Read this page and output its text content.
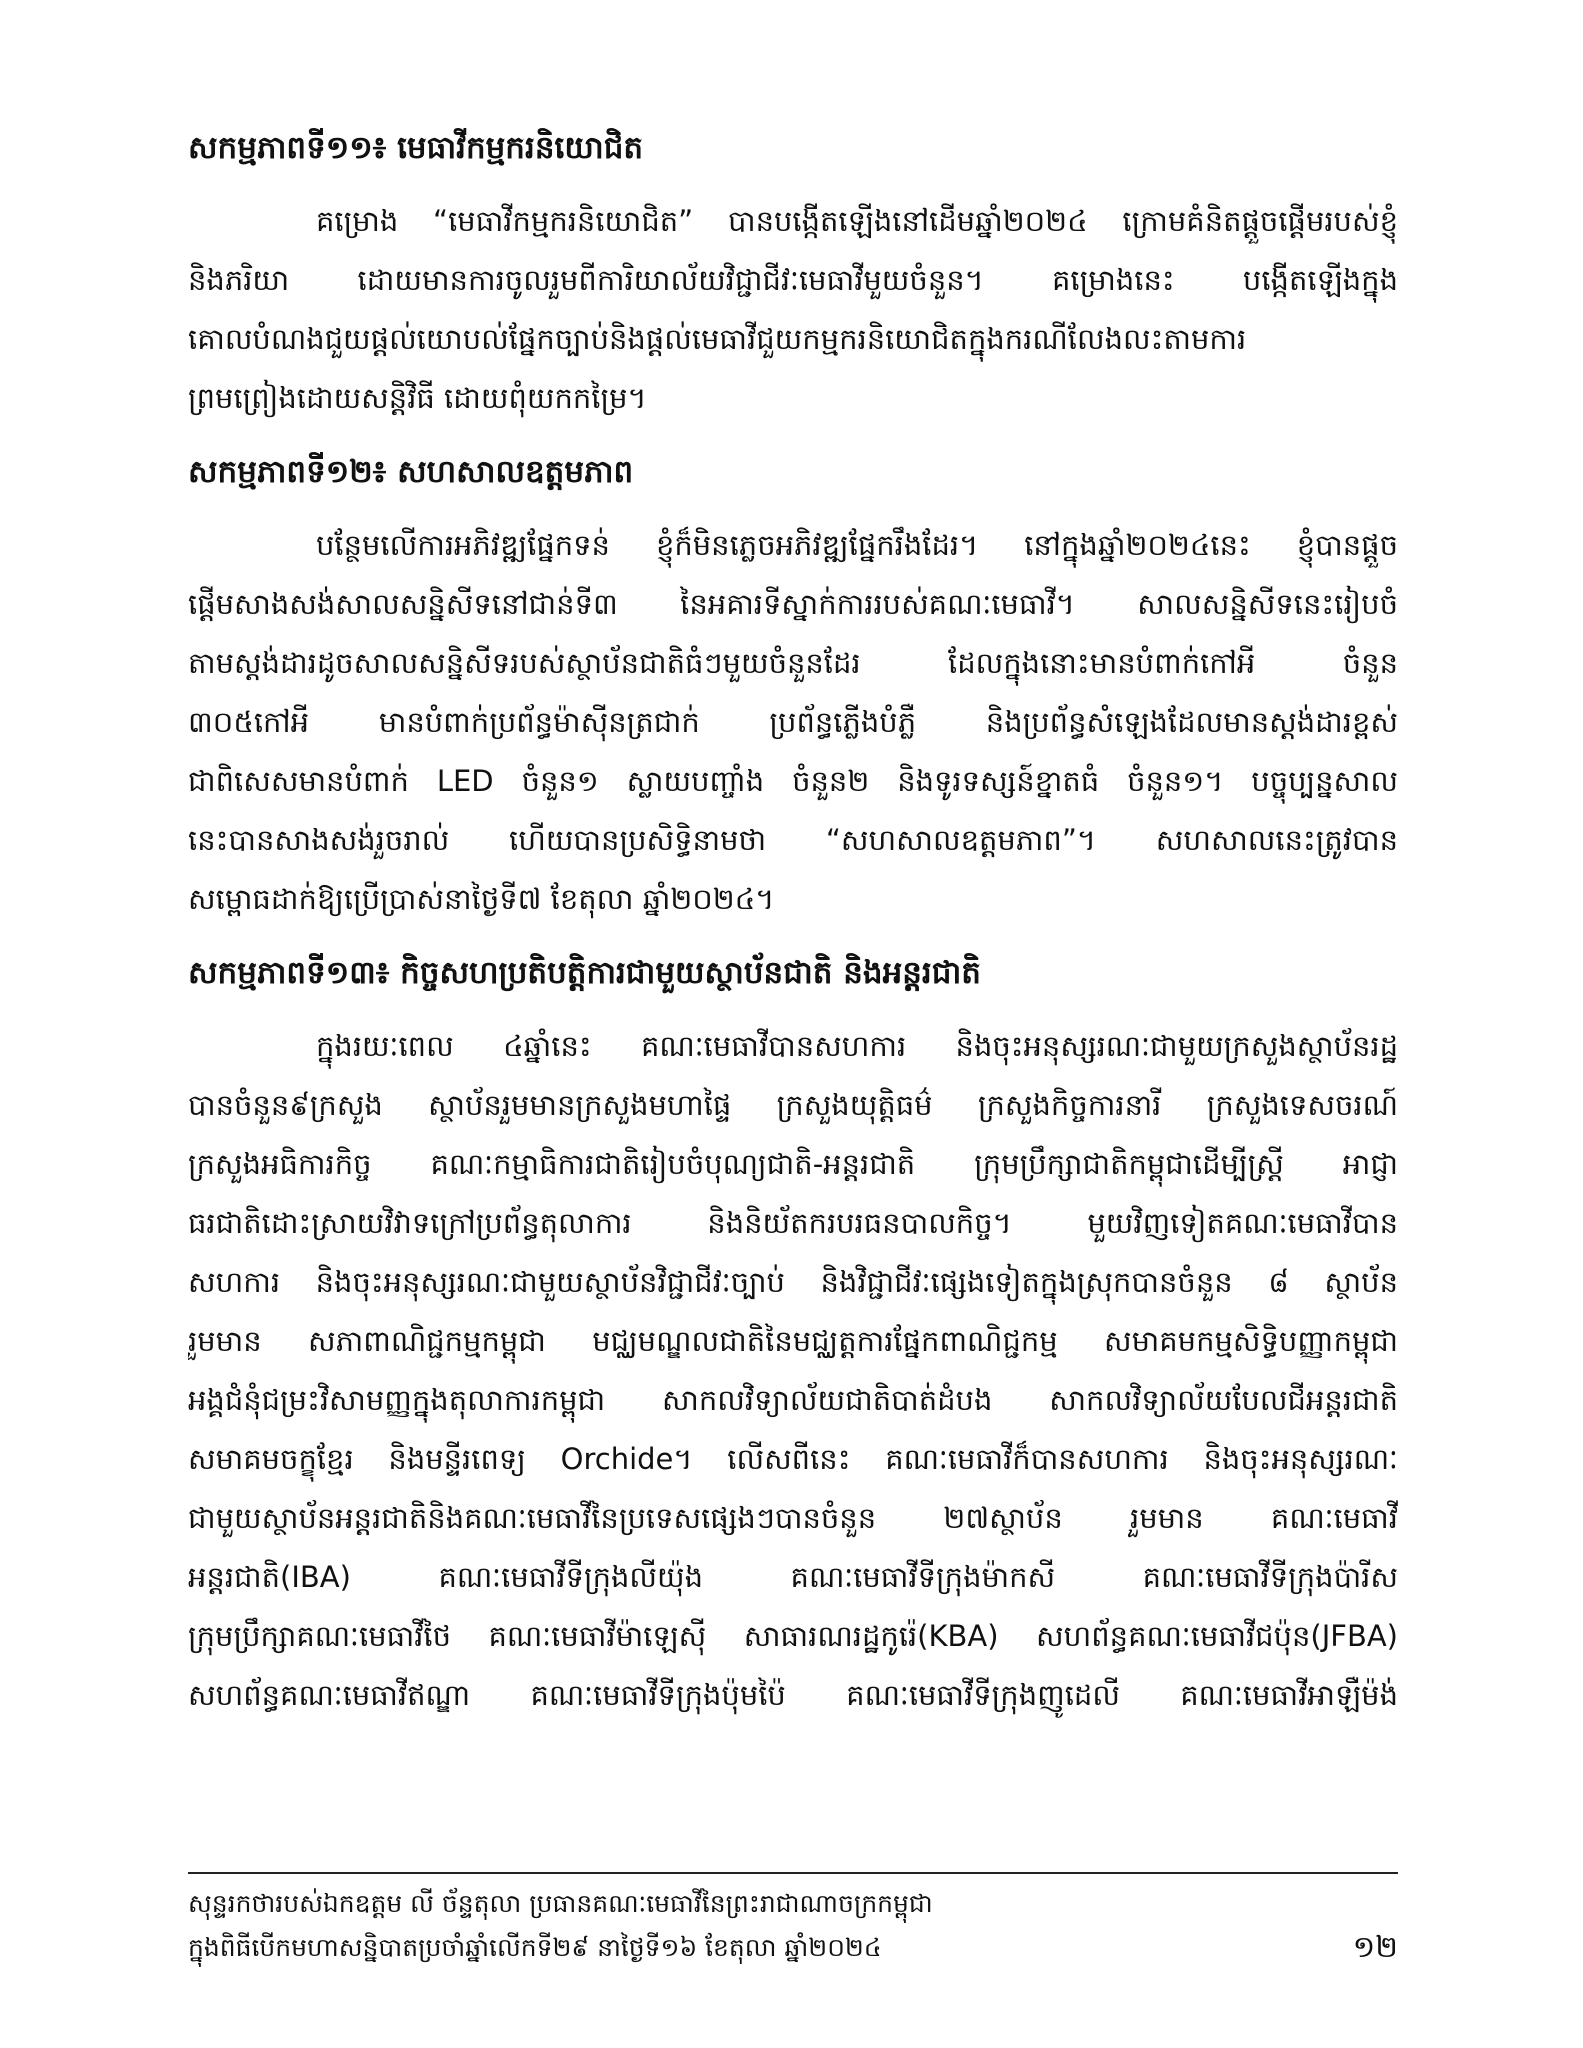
សកម្មភាពទី១១៖ មេធាវីកម្មករនិយោជិត
គម្រោង “មេធាវីកម្មករនិយោជិត” បានបង្កើតឡើងនៅដើមឆ្នាំ២០២៤ ក្រោមគំនិតផ្តួចផ្តើមរបស់ខ្ញុំ
និងភរិយា ដោយមានការចូលរួមពីការិយាល័យវិជ្ជាជីវៈមេធាវីមួយចំនួន។ គម្រោងនេះ បង្កើតឡើងក្នុង
គោលបំណងជួយផ្តល់យោបល់ផ្នែកច្បាប់និងផ្តល់មេធាវីជួយកម្មករនិយោជិតក្នុងករណីលែងលះតាមការ
ព្រមព្រៀងដោយសន្តិវិធី ដោយពុំយកកម្រៃ។
សកម្មភាពទី១២៖ សហសាលឧត្តមភាព
បន្ថែមលើការអភិវឌ្ឍផ្នែកទន់ ខ្ញុំក៏មិនភ្លេចអភិវឌ្ឍផ្នែករឹងដែរ។ នៅក្នុងឆ្នាំ២០២៤នេះ ខ្ញុំបានផ្តួច
ផ្តើមសាងសង់សាលសន្និសីទនៅជាន់ទី៣ នៃអគារទីស្នាក់ការរបស់គណៈមេធាវី។ សាលសន្និសីទនេះរៀបចំ
តាមស្តង់ដារដូចសាលសន្និសីទរបស់ស្ថាប័នជាតិធំៗមួយចំនួនដែរ ដែលក្នុងនោះមានបំពាក់កៅអី ចំនួន
៣០៥កៅអី មានបំពាក់ប្រព័ន្ធម៉ាស៊ីនត្រជាក់ ប្រព័ន្ធភ្លើងបំភ្លឺ និងប្រព័ន្ធសំឡេងដែលមានស្តង់ដារខ្ពស់
ជាពិសេសមានបំពាក់ LED ចំនួន១ ស្លាយបញ្ចាំង ចំនួន២ និងទូរទស្សន៍ខ្នាតធំ ចំនួន១។ បច្ចុប្បន្នសាល
នេះបានសាងសង់រួចរាល់ ហើយបានប្រសិទ្ធិនាមថា “សហសាលឧត្តមភាព”។ សហសាលនេះត្រូវបាន
សម្ពោធដាក់ឱ្យប្រើប្រាស់នាថ្ងៃទី៧ ខែតុលា ឆ្នាំ២០២៤។
សកម្មភាពទី១៣៖ កិច្ចសហប្រតិបត្តិការជាមួយស្ថាប័នជាតិ និងអន្តរជាតិ
ក្នុងរយៈពេល ៤ឆ្នាំនេះ គណៈមេធាវីបានសហការ និងចុះអនុស្សរណៈជាមួយក្រសួងស្ថាប័នរដ្ឋ
បានចំនួន៩ក្រសួង ស្ថាប័នរួមមានក្រសួងមហាផ្ទៃ ក្រសួងយុត្តិធម៌ ក្រសួងកិច្ចការនារី ក្រសួងទេសចរណ៍
ក្រសួងអធិការកិច្ច គណៈកម្មាធិការជាតិរៀបចំបុណ្យជាតិ-អន្តរជាតិ ក្រុមប្រឹក្សាជាតិកម្ពុជាដើម្បីស្ត្រី អាជ្ញា
ធរជាតិដោះស្រាយវិវាទក្រៅប្រព័ន្ធតុលាការ និងនិយ័តករបរធនបាលកិច្ច។ មួយវិញទៀតគណៈមេធាវីបាន
សហការ និងចុះអនុស្សរណៈជាមួយស្ថាប័នវិជ្ជាជីវៈច្បាប់ និងវិជ្ជាជីវៈផ្សេងទៀតក្នុងស្រុកបានចំនួន ៨ ស្ថាប័ន
រួមមាន សភាពាណិជ្ជកម្មកម្ពុជា មជ្ឈមណ្ឌលជាតិនៃមជ្ឈត្តការផ្នែកពាណិជ្ជកម្ម សមាគមកម្មសិទ្ធិបញ្ញាកម្ពុជា
អង្គជំនុំជម្រះវិសាមញ្ញក្នុងតុលាការកម្ពុជា សាកលវិទ្យាល័យជាតិបាត់ដំបង សាកលវិទ្យាល័យបែលជីអន្តរជាតិ
សមាគមចក្ខុខ្មែរ និងមន្ទីរពេទ្យ Orchide។ លើសពីនេះ គណៈមេធាវីក៏បានសហការ និងចុះអនុស្សរណៈ
ជាមួយស្ថាប័នអន្តរជាតិនិងគណៈមេធាវីនៃប្រទេសផ្សេងៗបានចំនួន ២៧ស្ថាប័ន រួមមាន គណៈមេធាវី
អន្តរជាតិ(IBA) គណៈមេធាវីទីក្រុងលីយ៉ុង គណៈមេធាវីទីក្រុងម៉ាកសី គណៈមេធាវីទីក្រុងប៉ារីស
ក្រុមប្រឹក្សាគណៈមេធាវីថៃ គណៈមេធាវីម៉ាឡេស៊ី សាធារណរដ្ឋកូរ៉េ(KBA) សហព័ន្ធគណៈមេធាវីជប៉ុន(JFBA)
សហព័ន្ធគណៈមេធាវីឥណ្ឌា គណៈមេធាវីទីក្រុងប៉ុមប៉ៃ គណៈមេធាវីទីក្រុងញូដេលី គណៈមេធាវីអាឡឺម៉ង់
សុន្ទរកថារបស់ឯកឧត្តម លី ច័ន្ទតុលា ប្រធានគណៈមេធាវីនៃព្រះរាជាណាចក្រកម្ពុជា
ក្នុងពិធីបើកមហាសន្និបាតប្រចាំឆ្នាំលើកទី២៩ នាថ្ងៃទី១៦ ខែតុលា ឆ្នាំ២០២៤	១២
